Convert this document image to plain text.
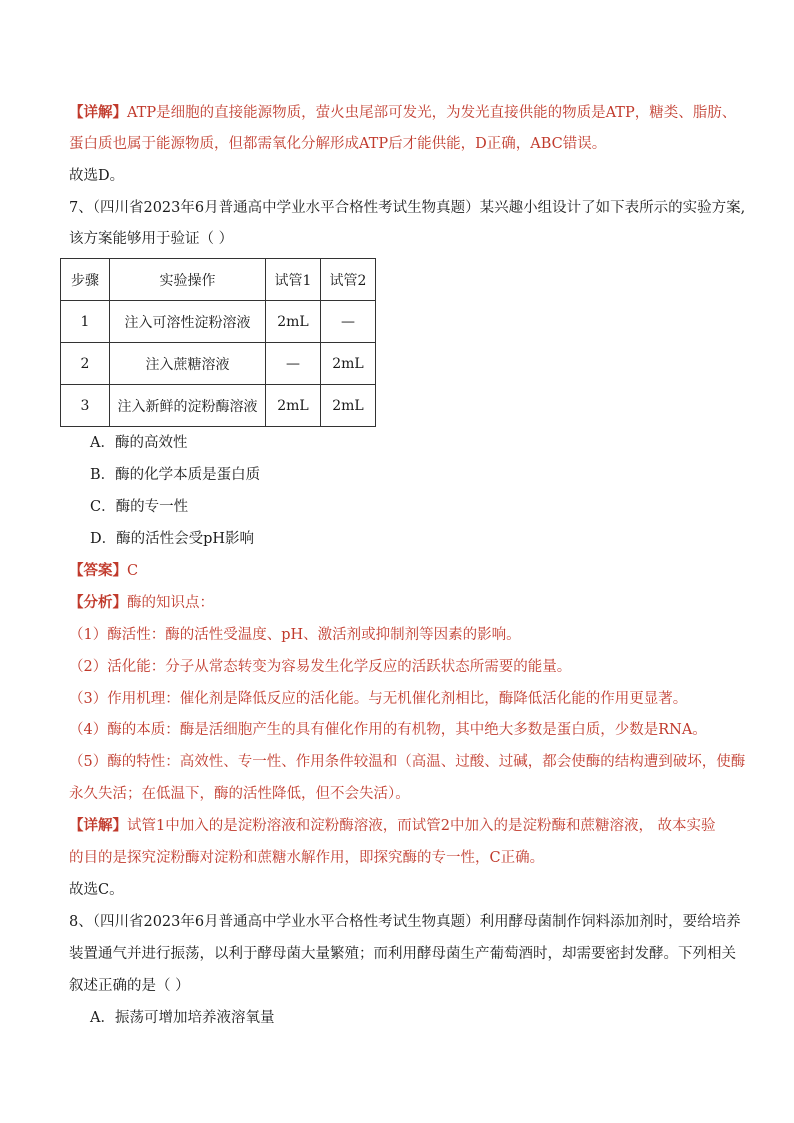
【详解】ATP是细胞的直接能源物质，萤火虫尾部可发光，为发光直接供能的物质是ATP，糖类、脂肪、
蛋白质也属于能源物质，但都需氧化分解形成ATP后才能供能，D正确，ABC错误。
故选D。
7、（四川省2023年6月普通高中学业水平合格性考试生物真题）某兴趣小组设计了如下表所示的实验方案,
该方案能够用于验证（ ）
步骤	实验操作	试管1	试管2
1	注入可溶性淀粉溶液	2mL	—
2	注入蔗糖溶液	—	2mL
3	注入新鲜的淀粉酶溶液	2mL	2mL
A．酶的高效性
B．酶的化学本质是蛋白质
C．酶的专一性
D．酶的活性会受pH影响
【答案】C
【分析】酶的知识点：
（1）酶活性：酶的活性受温度、pH、激活剂或抑制剂等因素的影响。
（2）活化能：分子从常态转变为容易发生化学反应的活跃状态所需要的能量。
（3）作用机理：催化剂是降低反应的活化能。与无机催化剂相比，酶降低活化能的作用更显著。
（4）酶的本质：酶是活细胞产生的具有催化作用的有机物，其中绝大多数是蛋白质，少数是RNA。
（5）酶的特性：高效性、专一性、作用条件较温和（高温、过酸、过碱，都会使酶的结构遭到破坏，使酶
永久失活；在低温下，酶的活性降低，但不会失活）。
【详解】试管1中加入的是淀粉溶液和淀粉酶溶液，而试管2中加入的是淀粉酶和蔗糖溶液， 故本实验
的目的是探究淀粉酶对淀粉和蔗糖水解作用，即探究酶的专一性，C正确。
故选C。
8、（四川省2023年6月普通高中学业水平合格性考试生物真题）利用酵母菌制作饲料添加剂时，要给培养
装置通气并进行振荡，以利于酵母菌大量繁殖；而利用酵母菌生产葡萄酒时，却需要密封发酵。下列相关
叙述正确的是（ ）
A．振荡可增加培养液溶氧量
